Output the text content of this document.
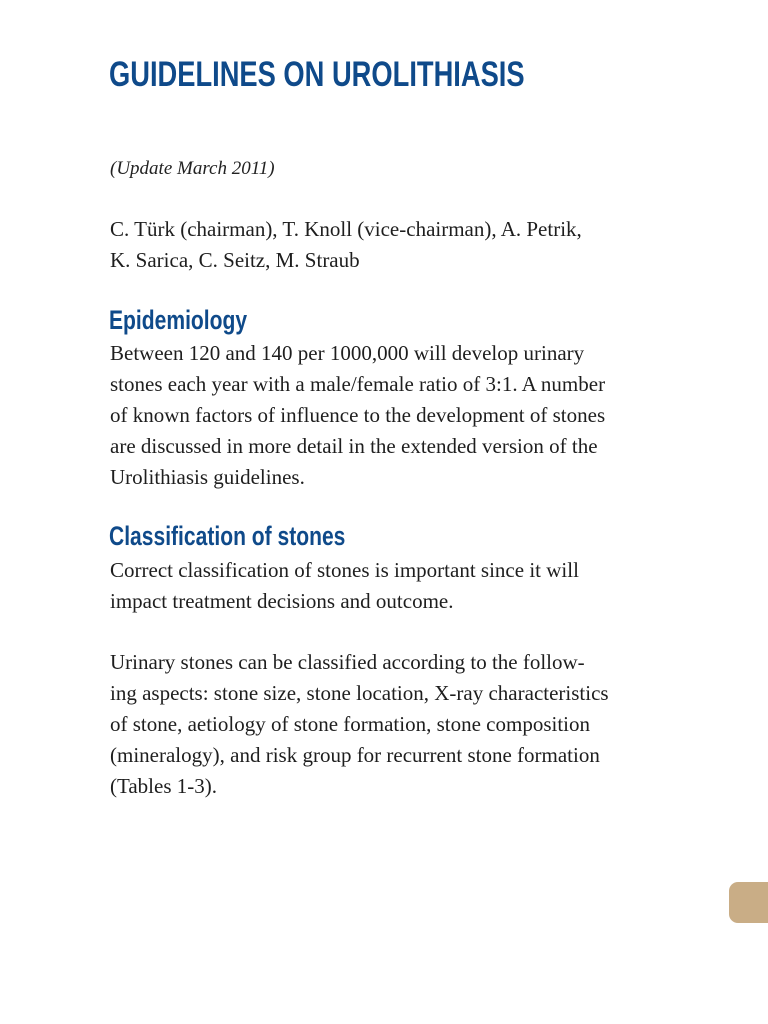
GUIDELINES ON UROLITHIASIS
(Update March 2011)
C. Türk (chairman), T. Knoll (vice-chairman), A. Petrik,
K. Sarica, C. Seitz, M. Straub
Epidemiology
Between 120 and 140 per 1000,000 will develop urinary
stones each year with a male/female ratio of 3:1. A number
of known factors of influence to the development of stones
are discussed in more detail in the extended version of the
Urolithiasis guidelines.
Classification of stones
Correct classification of stones is important since it will
impact treatment decisions and outcome.
Urinary stones can be classified according to the follow-
ing aspects: stone size, stone location, X-ray characteristics
of stone, aetiology of stone formation, stone composition
(mineralogy), and risk group for recurrent stone formation
(Tables 1-3).
